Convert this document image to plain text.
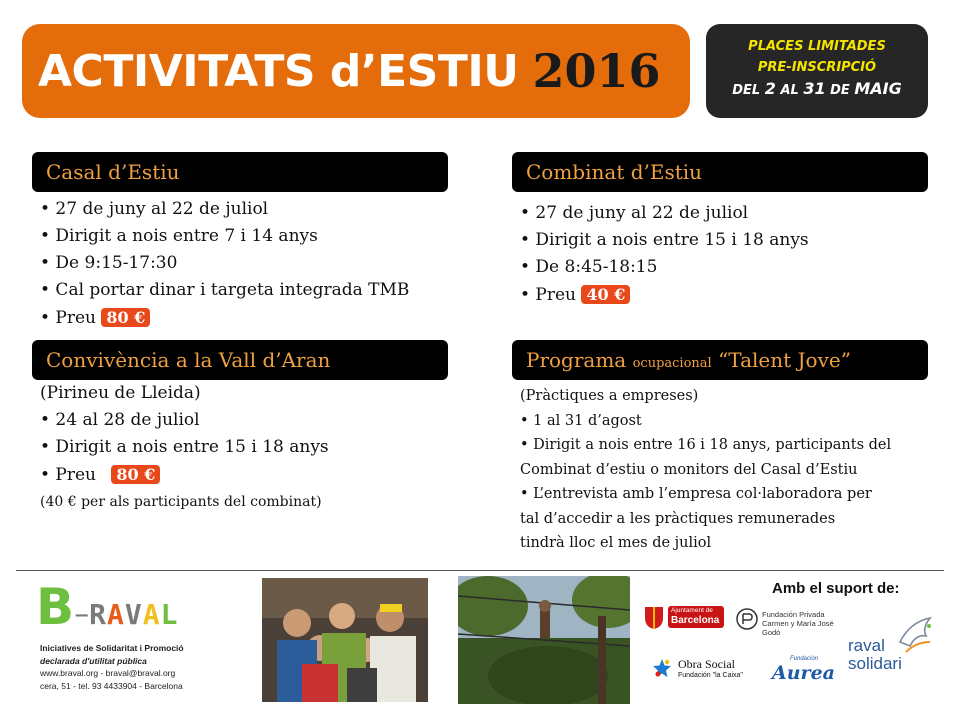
ACTIVITATS d’ESTIU 2016	PLACES LIMITADES
PRE-INSCRIPCIÓ
DEL 2 AL 31 DE MAIG
Casal d’Estiu
• 27 de juny al 22 de juliol
• Dirigit a nois entre 7 i 14 anys
• De 9:15-17:30
• Cal portar dinar i targeta integrada TMB
• Preu 80 €
Combinat d’Estiu
• 27 de juny al 22 de juliol
• Dirigit a nois entre 15 i 18 anys
• De 8:45-18:15
• Preu 40 €
Convivència a la Vall d’Aran
(Pirineu de Lleida)
• 24 al 28 de juliol
• Dirigit a nois entre 15 i 18 anys
• Preu 80 €
(40 € per als participants del combinat)
Programa ocupacional “Talent Jove”
(Pràctiques a empreses)
• 1 al 31 d’agost
• Dirigit a nois entre 16 i 18 anys, participants del
Combinat d’estiu o monitors del Casal d’Estiu
• L’entrevista amb l’empresa col·laboradora per
tal d’accedir a les pràctiques remunerades
tindrà lloc el mes de juliol
B–RAVAL
Iniciatives de Solidaritat i Promoció
declarada d'utilitat pública
www.braval.org - braval@braval.org
cera, 51 - tel. 93 4433904 - Barcelona
Amb el suport de:
Ajuntament de
Barcelona
Fundación Privada
Carmen y María José Godó
Obra Social
Fundación "la Caixa"
Fundación
Aurea
raval
solidari
